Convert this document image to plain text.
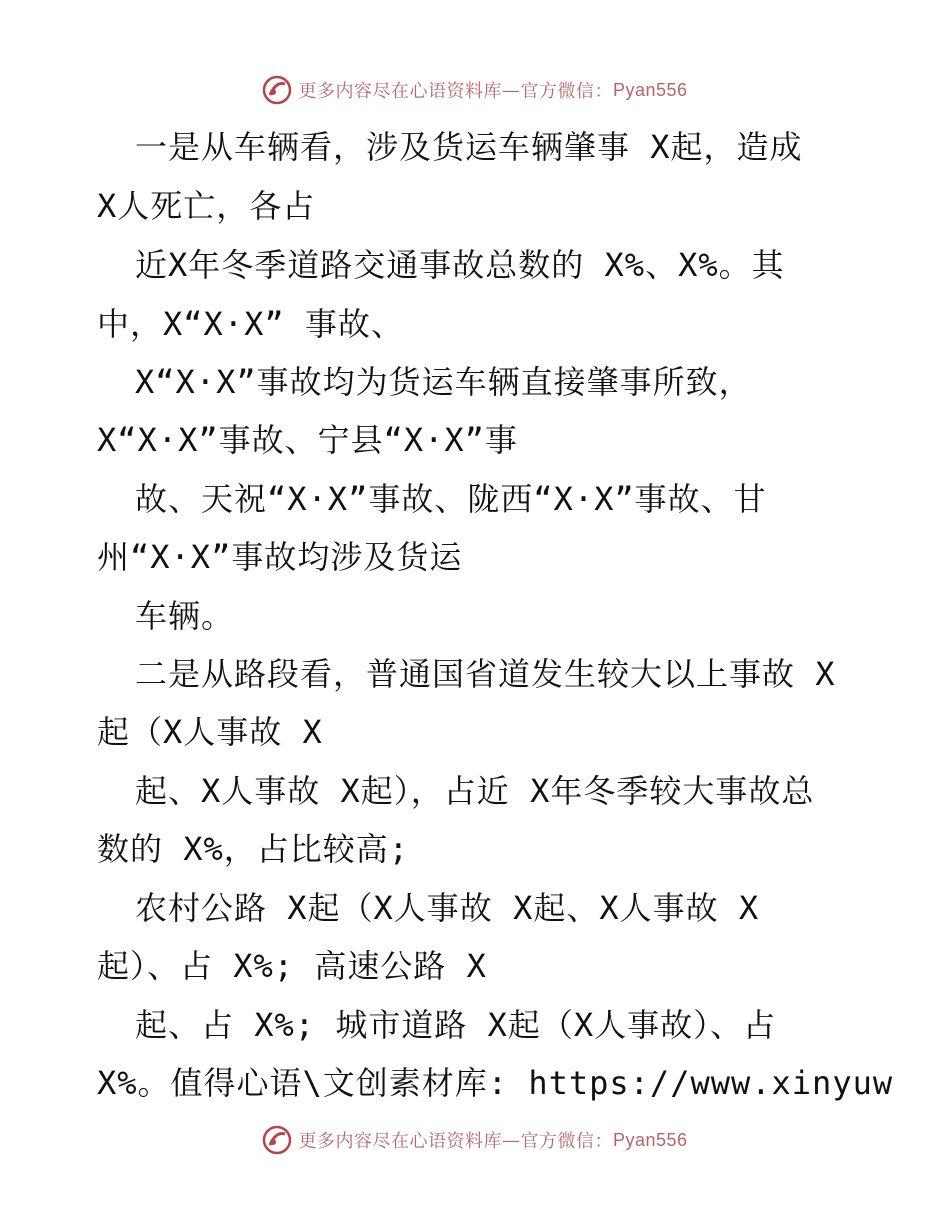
更多内容尽在心语资料库 — 官方微信： Pyan556
一是从车辆看，涉及货运车辆肇事 X起，造成
X人死亡，各占
近X年冬季道路交通事故总数的 X%、X%。其
中，X“X·X” 事故、
X“X·X”事故均为货运车辆直接肇事所致，
X“X·X”事故、宁县“X·X”事
故、天祝“X·X”事故、陇西“X·X”事故、甘
州“X·X”事故均涉及货运
车辆。
二是从路段看，普通国省道发生较大以上事故 X
起（X人事故 X
起、X人事故 X起），占近 X年冬季较大事故总
数的 X%，占比较高;
农村公路 X起（X人事故 X起、X人事故 X
起）、占 X%; 高速公路 X
起、占 X%; 城市道路 X起（X人事故）、占
X%。值得心语\文创素材库: https://www.xinyuw
更多内容尽在心语资料库 — 官方微信： Pyan556
